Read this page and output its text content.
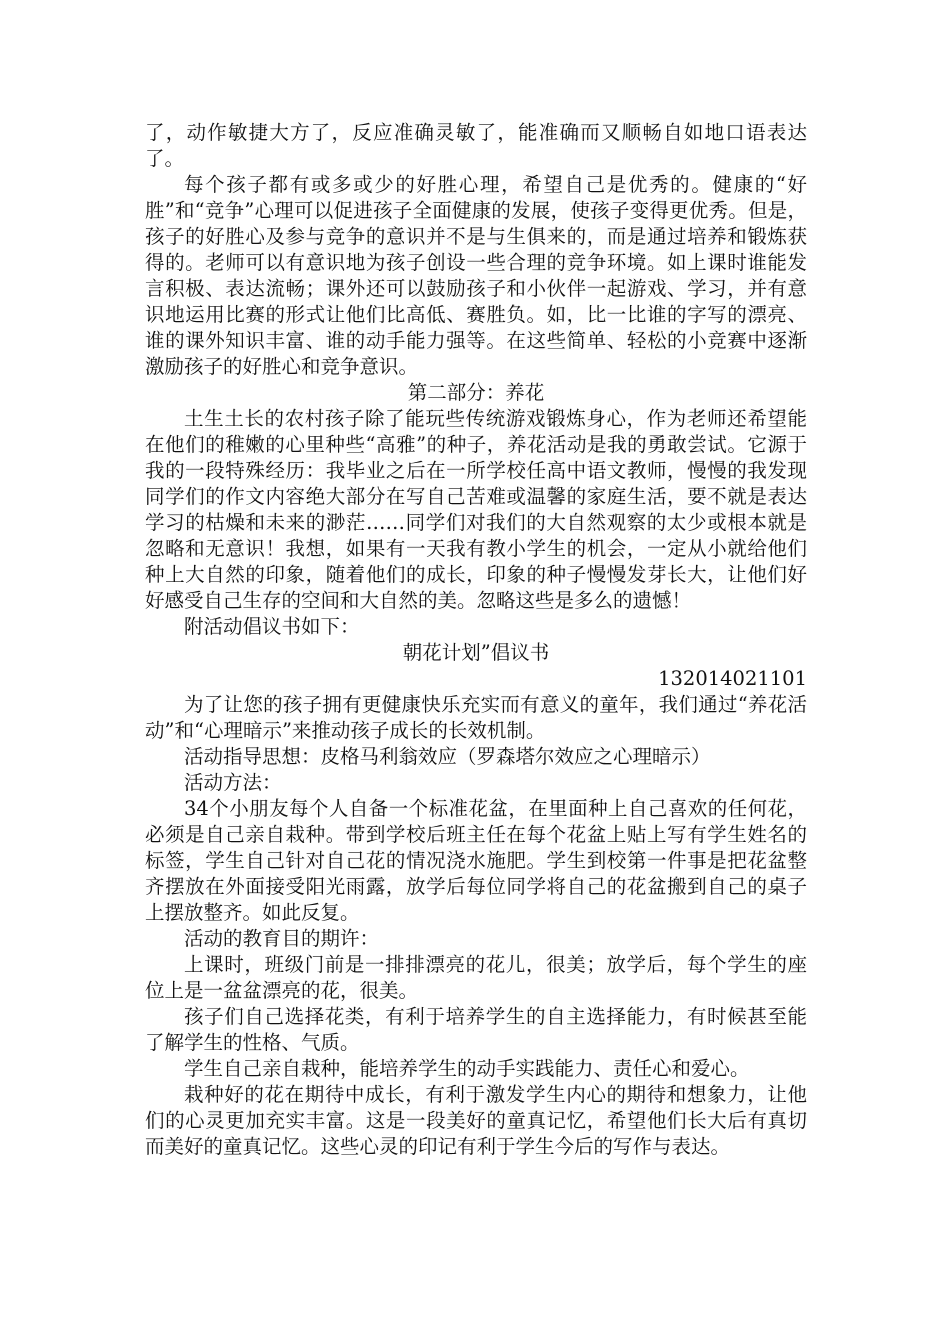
了，动作敏捷大方了，反应准确灵敏了，能准确而又顺畅自如地口语表达了。

每个孩子都有或多或少的好胜心理，希望自己是优秀的。健康的“好胜”和“竞争”心理可以促进孩子全面健康的发展，使孩子变得更优秀。但是，孩子的好胜心及参与竞争的意识并不是与生俱来的，而是通过培养和锻炼获得的。老师可以有意识地为孩子创设一些合理的竞争环境。如上课时谁能发言积极、表达流畅；课外还可以鼓励孩子和小伙伴一起游戏、学习，并有意识地运用比赛的形式让他们比高低、赛胜负。如，比一比谁的字写的漂亮、谁的课外知识丰富、谁的动手能力强等。在这些简单、轻松的小竞赛中逐渐激励孩子的好胜心和竞争意识。

第二部分：养花

土生土长的农村孩子除了能玩些传统游戏锻炼身心，作为老师还希望能在他们的稚嫩的心里种些“高雅”的种子，养花活动是我的勇敢尝试。它源于我的一段特殊经历：我毕业之后在一所学校任高中语文教师，慢慢的我发现同学们的作文内容绝大部分在写自己苦难或温馨的家庭生活，要不就是表达学习的枯燥和未来的渺茫……同学们对我们的大自然观察的太少或根本就是忽略和无意识！我想，如果有一天我有教小学生的机会，一定从小就给他们种上大自然的印象，随着他们的成长，印象的种子慢慢发芽长大，让他们好好感受自己生存的空间和大自然的美。忽略这些是多么的遗憾！

附活动倡议书如下：

朝花计划”倡议书

132014021101

为了让您的孩子拥有更健康快乐充实而有意义的童年，我们通过“养花活动”和“心理暗示”来推动孩子成长的长效机制。

活动指导思想：皮格马利翁效应（罗森塔尔效应之心理暗示）

活动方法：

34个小朋友每个人自备一个标准花盆，在里面种上自己喜欢的任何花，必须是自己亲自栽种。带到学校后班主任在每个花盆上贴上写有学生姓名的标签，学生自己针对自己花的情况浇水施肥。学生到校第一件事是把花盆整齐摆放在外面接受阳光雨露，放学后每位同学将自己的花盆搬到自己的桌子上摆放整齐。如此反复。

活动的教育目的期许：

上课时，班级门前是一排排漂亮的花儿，很美；放学后，每个学生的座位上是一盆盆漂亮的花，很美。

孩子们自己选择花类，有利于培养学生的自主选择能力，有时候甚至能了解学生的性格、气质。

学生自己亲自栽种，能培养学生的动手实践能力、责任心和爱心。

栽种好的花在期待中成长，有利于激发学生内心的期待和想象力，让他们的心灵更加充实丰富。这是一段美好的童真记忆，希望他们长大后有真切而美好的童真记忆。这些心灵的印记有利于学生今后的写作与表达。
